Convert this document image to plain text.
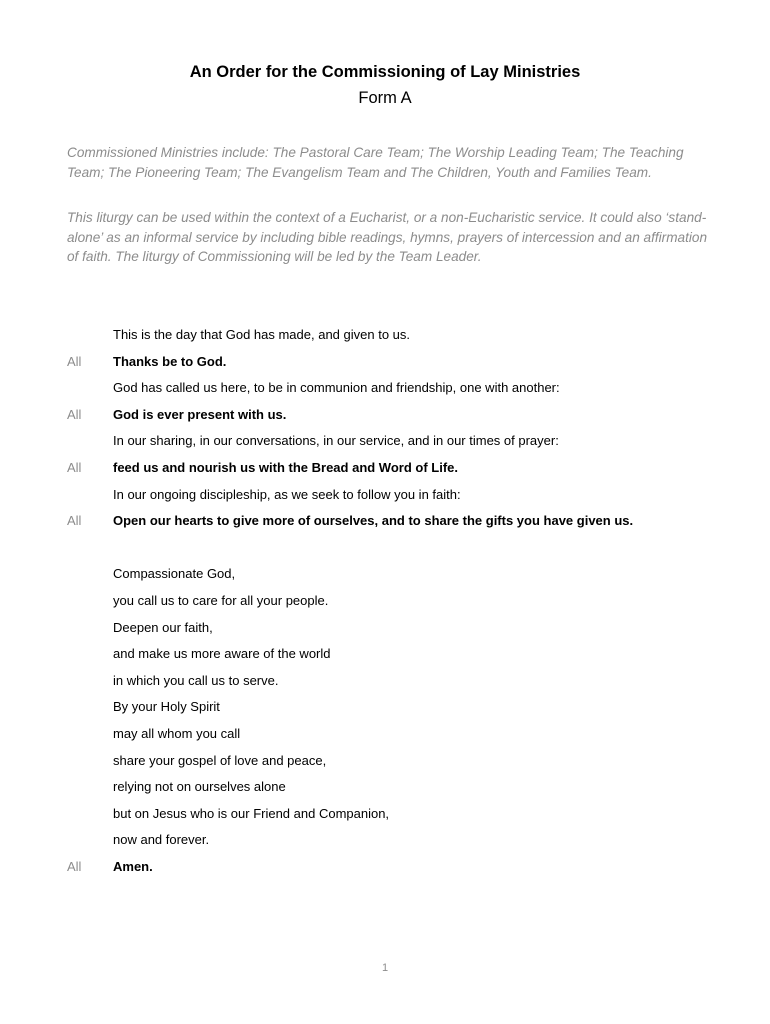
An Order for the Commissioning of Lay Ministries
Form A
Commissioned Ministries include: The Pastoral Care Team; The Worship Leading Team; The Teaching Team; The Pioneering Team; The Evangelism Team and The Children, Youth and Families Team.
This liturgy can be used within the context of a Eucharist, or a non-Eucharistic service. It could also ‘stand-alone’ as an informal service by including bible readings, hymns, prayers of intercession and an affirmation of faith. The liturgy of Commissioning will be led by the Team Leader.
This is the day that God has made, and given to us.
All Thanks be to God.
God has called us here, to be in communion and friendship, one with another:
All God is ever present with us.
In our sharing, in our conversations, in our service, and in our times of prayer:
All feed us and nourish us with the Bread and Word of Life.
In our ongoing discipleship, as we seek to follow you in faith:
All Open our hearts to give more of ourselves, and to share the gifts you have given us.
Compassionate God,
you call us to care for all your people.
Deepen our faith,
and make us more aware of the world
in which you call us to serve.
By your Holy Spirit
may all whom you call
share your gospel of love and peace,
relying not on ourselves alone
but on Jesus who is our Friend and Companion,
now and forever.
All Amen.
1
